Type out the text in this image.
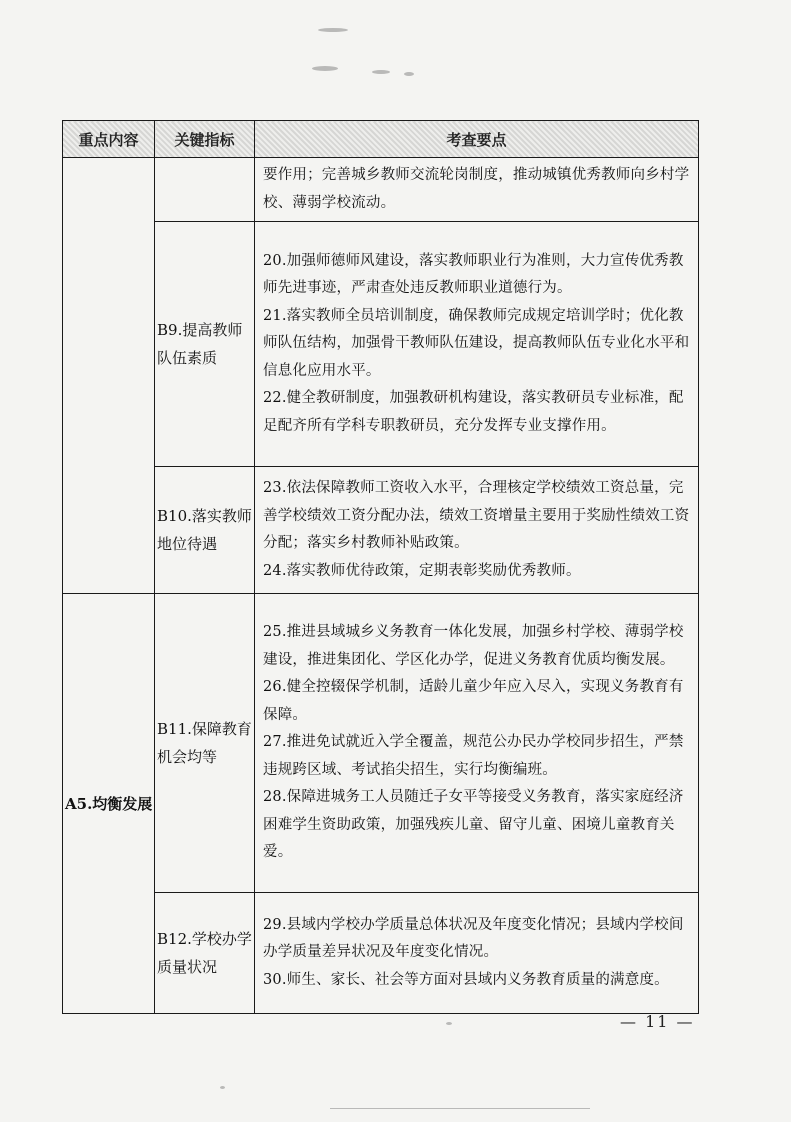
重点内容	关键指标	考查要点

		要作用；完善城乡教师交流轮岗制度，推动城镇优秀教师向乡村学校、薄弱学校流动。

	B9.提高教师队伍素质	20.加强师德师风建设，落实教师职业行为准则，大力宣传优秀教师先进事迹，严肃查处违反教师职业道德行为。

21.落实教师全员培训制度，确保教师完成规定培训学时；优化教师队伍结构，加强骨干教师队伍建设，提高教师队伍专业化水平和信息化应用水平。

22.健全教研制度，加强教研机构建设，落实教研员专业标准，配足配齐所有学科专职教研员，充分发挥专业支撑作用。

	B10.落实教师地位待遇	23.依法保障教师工资收入水平，合理核定学校绩效工资总量，完善学校绩效工资分配办法，绩效工资增量主要用于奖励性绩效工资分配；落实乡村教师补贴政策。

24.落实教师优待政策，定期表彰奖励优秀教师。

A5.均衡发展	B11.保障教育机会均等	25.推进县域城乡义务教育一体化发展，加强乡村学校、薄弱学校建设，推进集团化、学区化办学，促进义务教育优质均衡发展。

26.健全控辍保学机制，适龄儿童少年应入尽入，实现义务教育有保障。

27.推进免试就近入学全覆盖，规范公办民办学校同步招生，严禁违规跨区域、考试掐尖招生，实行均衡编班。

28.保障进城务工人员随迁子女平等接受义务教育，落实家庭经济困难学生资助政策，加强残疾儿童、留守儿童、困境儿童教育关爱。

	B12.学校办学质量状况	29.县域内学校办学质量总体状况及年度变化情况；县域内学校间办学质量差异状况及年度变化情况。

30.师生、家长、社会等方面对县域内义务教育质量的满意度。

— 11 —
